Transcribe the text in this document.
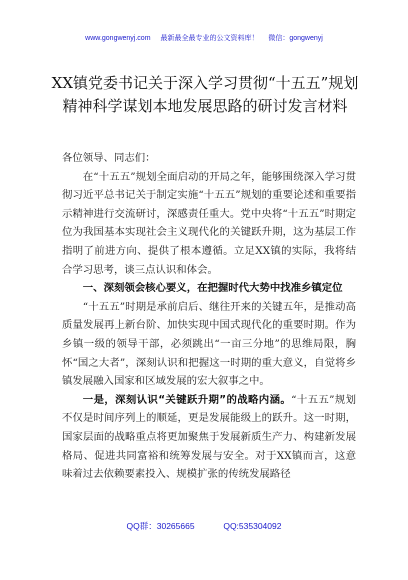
www.gongwenyj.com 最新最全最专业的公文资料库！ 微信：gongwenyj
XX镇党委书记关于深入学习贯彻“十五五”规划精神科学谋划本地发展思路的研讨发言材料

各位领导、同志们：

在“十五五”规划全面启动的开局之年，能够围绕深入学习贯彻习近平总书记关于制定实施“十五五”规划的重要论述和重要指示精神进行交流研讨，深感责任重大。党中央将“十五五”时期定位为我国基本实现社会主义现代化的关键跃升期，这为基层工作指明了前进方向、提供了根本遵循。立足XX镇的实际，我将结合学习思考，谈三点认识和体会。

一、深刻领会核心要义，在把握时代大势中找准乡镇定位

“十五五”时期是承前启后、继往开来的关键五年，是推动高质量发展再上新台阶、加快实现中国式现代化的重要时期。作为乡镇一级的领导干部，必须跳出“一亩三分地”的思维局限，胸怀“国之大者”，深刻认识和把握这一时期的重大意义，自觉将乡镇发展融入国家和区域发展的宏大叙事之中。

一是，深刻认识“关键跃升期”的战略内涵。“十五五”规划不仅是时间序列上的顺延，更是发展能级上的跃升。这一时期，国家层面的战略重点将更加聚焦于发展新质生产力、构建新发展格局、促进共同富裕和统筹发展与安全。对于XX镇而言，这意味着过去依赖要素投入、规模扩张的传统发展路径

QQ群：30265665	QQ:535304092
